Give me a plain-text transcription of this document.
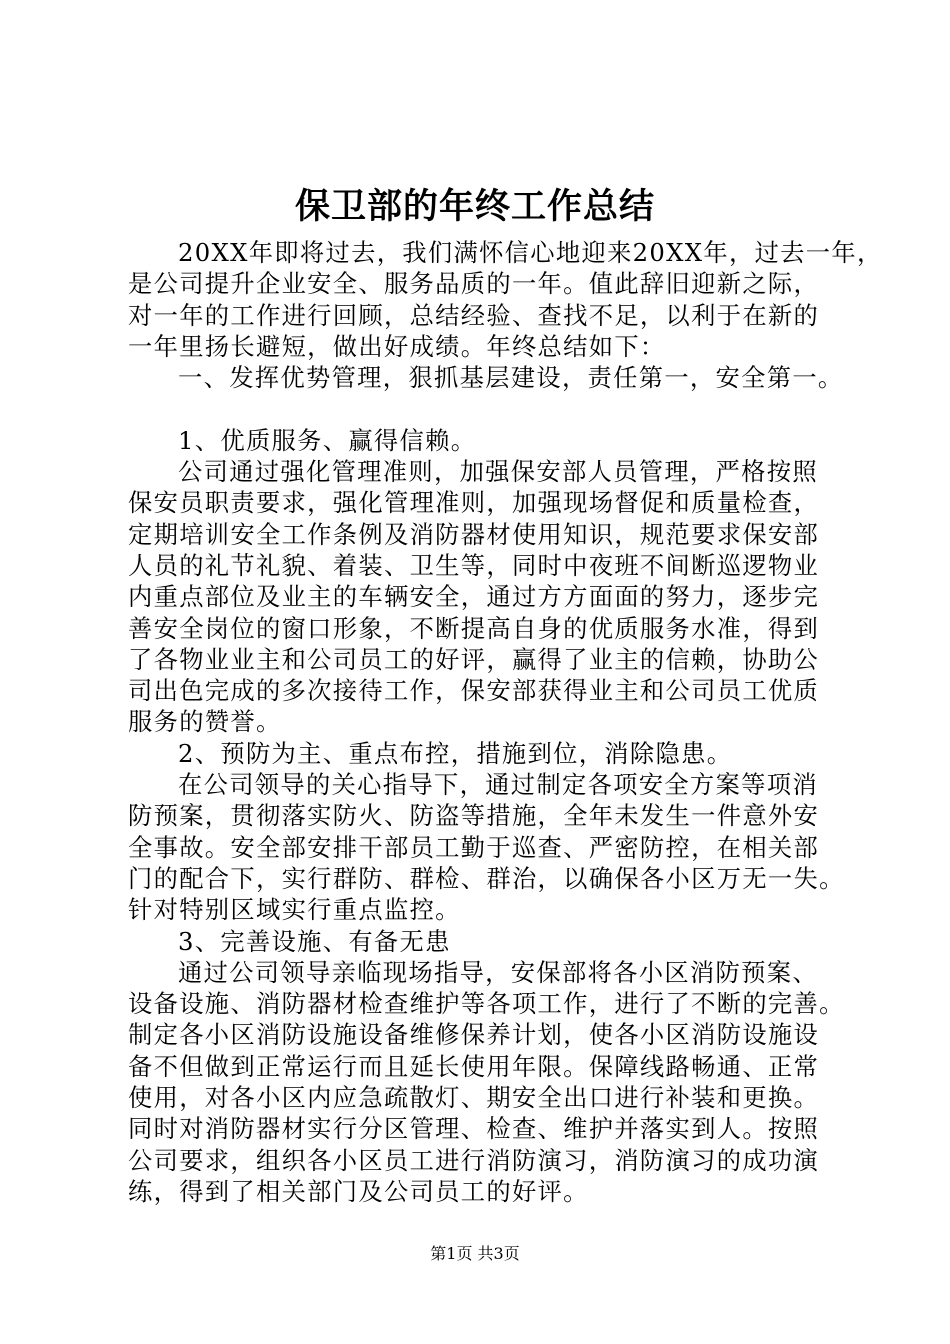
保卫部的年终工作总结

20XX年即将过去，我们满怀信心地迎来20XX年，过去一年，

是公司提升企业安全、服务品质的一年。值此辞旧迎新之际，

对一年的工作进行回顾，总结经验、查找不足，以利于在新的

一年里扬长避短，做出好成绩。年终总结如下：

一、发挥优势管理，狠抓基层建设，责任第一，安全第一。

1、优质服务、赢得信赖。

公司通过强化管理准则，加强保安部人员管理，严格按照

保安员职责要求，强化管理准则，加强现场督促和质量检查，

定期培训安全工作条例及消防器材使用知识，规范要求保安部

人员的礼节礼貌、着装、卫生等，同时中夜班不间断巡逻物业

内重点部位及业主的车辆安全，通过方方面面的努力，逐步完

善安全岗位的窗口形象，不断提高自身的优质服务水准，得到

了各物业业主和公司员工的好评，赢得了业主的信赖，协助公

司出色完成的多次接待工作，保安部获得业主和公司员工优质

服务的赞誉。

2、预防为主、重点布控，措施到位，消除隐患。

在公司领导的关心指导下，通过制定各项安全方案等项消

防预案，贯彻落实防火、防盗等措施，全年未发生一件意外安

全事故。安全部安排干部员工勤于巡查、严密防控，在相关部

门的配合下，实行群防、群检、群治，以确保各小区万无一失。

针对特别区域实行重点监控。

3、完善设施、有备无患

通过公司领导亲临现场指导，安保部将各小区消防预案、

设备设施、消防器材检查维护等各项工作，进行了不断的完善。

制定各小区消防设施设备维修保养计划，使各小区消防设施设

备不但做到正常运行而且延长使用年限。保障线路畅通、正常

使用，对各小区内应急疏散灯、期安全出口进行补装和更换。

同时对消防器材实行分区管理、检查、维护并落实到人。按照

公司要求，组织各小区员工进行消防演习，消防演习的成功演

练，得到了相关部门及公司员工的好评。

第1页 共3页
